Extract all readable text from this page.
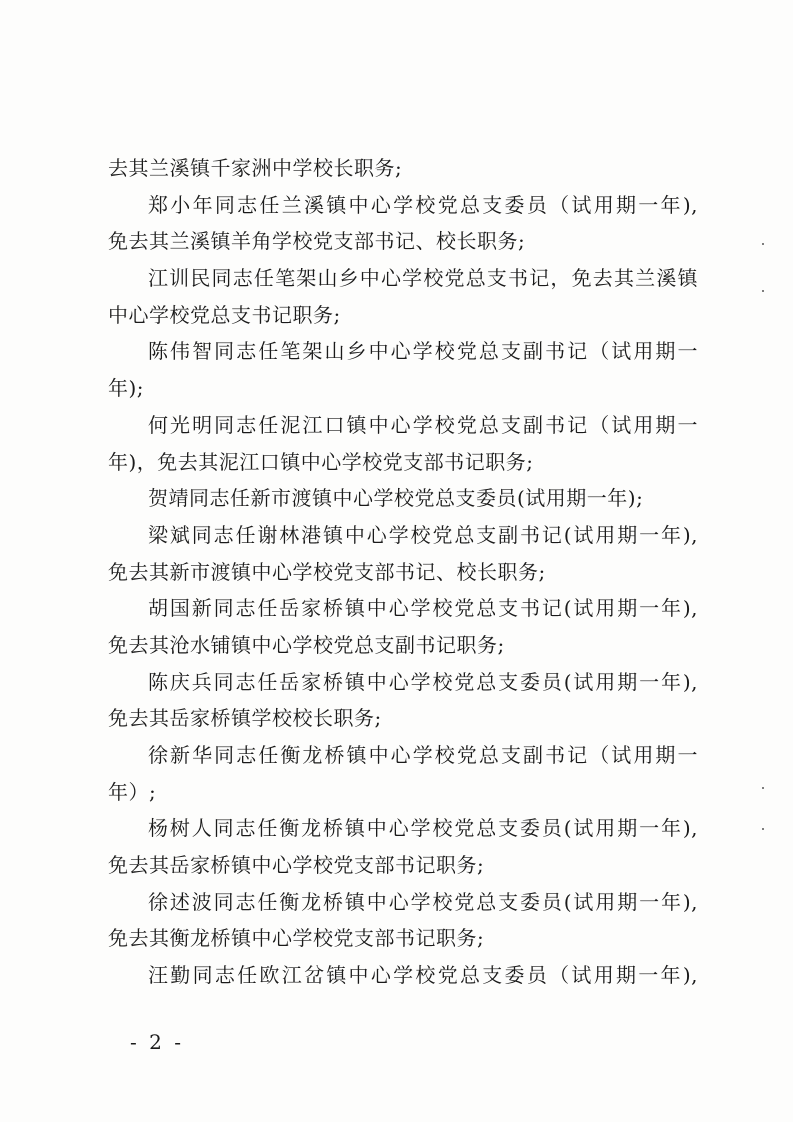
去其兰溪镇千家洲中学校长职务;
郑小年同志任兰溪镇中心学校党总支委员（试用期一年),
免去其兰溪镇羊角学校党支部书记、校长职务;
江训民同志任笔架山乡中心学校党总支书记，免去其兰溪镇
中心学校党总支书记职务;
陈伟智同志任笔架山乡中心学校党总支副书记（试用期一
年);
何光明同志任泥江口镇中心学校党总支副书记（试用期一
年)，免去其泥江口镇中心学校党支部书记职务;
贺靖同志任新市渡镇中心学校党总支委员(试用期一年);
梁斌同志任谢林港镇中心学校党总支副书记(试用期一年),
免去其新市渡镇中心学校党支部书记、校长职务;
胡国新同志任岳家桥镇中心学校党总支书记(试用期一年),
免去其沧水铺镇中心学校党总支副书记职务;
陈庆兵同志任岳家桥镇中心学校党总支委员(试用期一年),
免去其岳家桥镇学校校长职务;
徐新华同志任衡龙桥镇中心学校党总支副书记（试用期一
年）;
杨树人同志任衡龙桥镇中心学校党总支委员(试用期一年),
免去其岳家桥镇中心学校党支部书记职务;
徐述波同志任衡龙桥镇中心学校党总支委员(试用期一年),
免去其衡龙桥镇中心学校党支部书记职务;
汪勤同志任欧江岔镇中心学校党总支委员（试用期一年),
- 2 -
